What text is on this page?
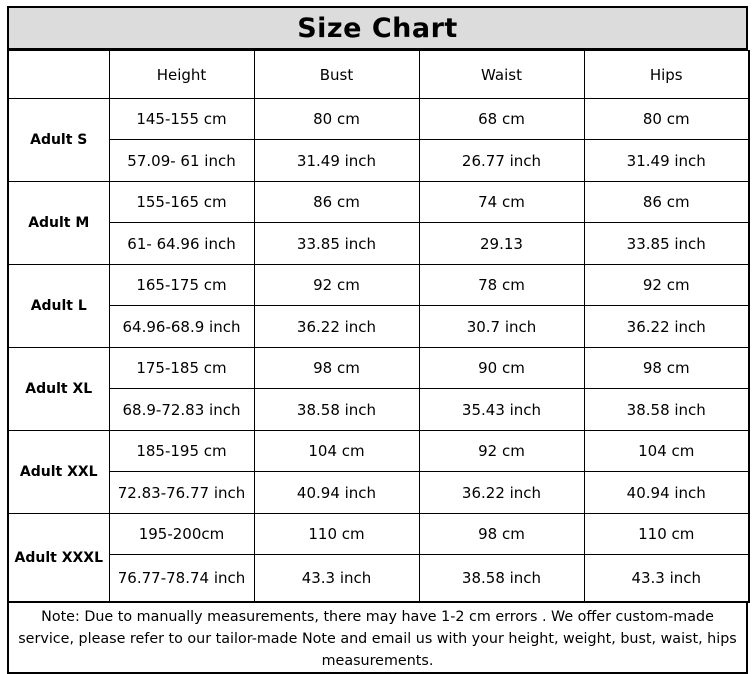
Size Chart
	Height	Bust	Waist	Hips
Adult S	145-155 cm	80 cm	68 cm	80 cm
	57.09- 61 inch	31.49 inch	26.77 inch	31.49 inch
Adult M	155-165 cm	86 cm	74 cm	86 cm
	61- 64.96 inch	33.85 inch	29.13	33.85 inch
Adult L	165-175 cm	92 cm	78 cm	92 cm
	64.96-68.9 inch	36.22 inch	30.7 inch	36.22 inch
Adult XL	175-185 cm	98 cm	90 cm	98 cm
	68.9-72.83 inch	38.58 inch	35.43 inch	38.58 inch
Adult XXL	185-195 cm	104 cm	92 cm	104 cm
	72.83-76.77 inch	40.94 inch	36.22 inch	40.94 inch
Adult XXXL	195-200cm	110 cm	98 cm	110 cm
	76.77-78.74 inch	43.3 inch	38.58 inch	43.3 inch
Note: Due to manually measurements, there may have 1-2 cm errors . We offer custom-made service, please refer to our tailor-made Note and email us with your height, weight, bust, waist, hips measurements.
